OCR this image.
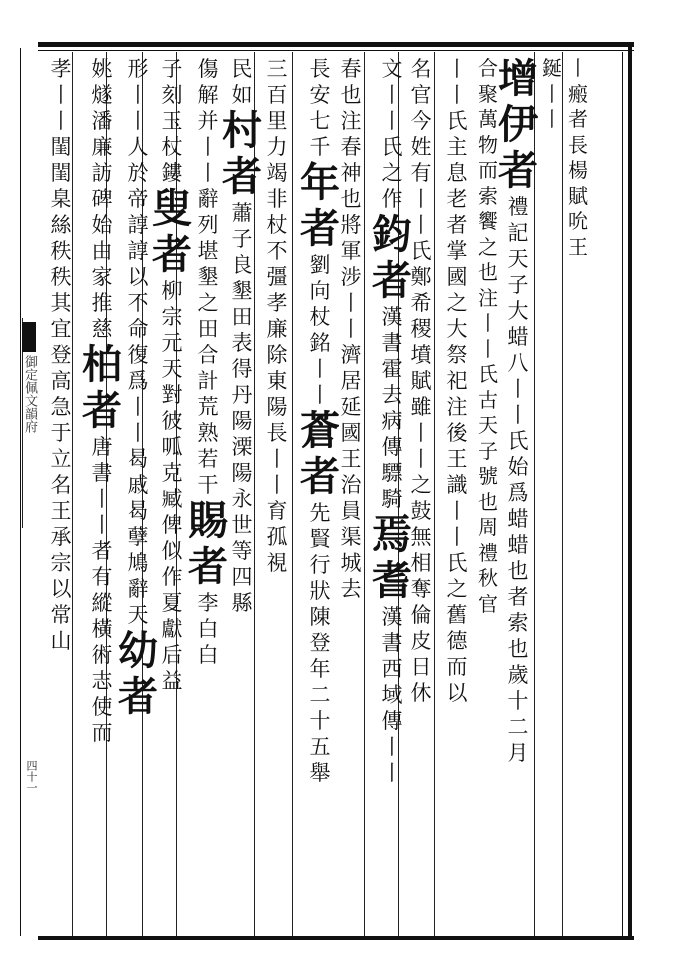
御定佩文韻府
四十一
丨
瘢
者
長
楊
賦
吮
王
鋋
丨
丨
增
伊
者
禮
記
天
子
大
蜡
八
丨
丨
氏
始
爲
蜡
蜡
也
者
索
也
歲
十
二
月
合
聚
萬
物
而
索
饗
之
也
注
丨
丨
氏
古
天
子
號
也
周
禮
秋
官
丨
丨
氏
主
息
老
者
掌
國
之
大
祭
祀
注
後
王
識
丨
丨
氏
之
舊
德
而
以
名
官
今
姓
有
丨
丨
氏
鄭
希
稷
墳
賦
雖
丨
丨
之
鼓
無
相
奪
倫
皮
日
休
文
丨
丨
氏
之
作
鈞
者
漢
書
霍
去
病
傳
驃
騎
焉
耆
漢
書
西
域
傳
丨
丨
春
也
注
春
神
也
將
軍
涉
丨
丨
濟
居
延
國
王
治
員
渠
城
去
長
安
七
千
年
者
劉
向
杖
銘
丨
丨
蒼
者
先
賢
行
狀
陳
登
年
二
十
五
舉
三
百
里
力
竭
非
杖
不
彊
孝
廉
除
東
陽
長
丨
丨
育
孤
視
民
如
村
者
蕭
子
良
墾
田
表
得
丹
陽
溧
陽
永
世
等
四
縣
傷
解
并
丨
丨
辭
列
堪
墾
之
田
合
計
荒
熟
若
干
賜
者
李
白
白
子
刻
玉
杖
鏤
叟
者
柳
宗
元
天
對
彼
呱
克
臧
俾
似
作
夏
獻
后
益
形
丨
丨
人
於
帝
諄
諄
以
不
命
復
爲
丨
丨
曷
戚
曷
孽
鳩
辭
天
幼
者
姚
燧
潘
廉
訪
碑
始
由
家
推
慈
柏
者
唐
書
丨
丨
者
有
縱
橫
術
志
使
而
孝
丨
丨
閨
閨
臬
絲
秩
秩
其
宜
登
高
急
于
立
名
王
承
宗
以
常
山
